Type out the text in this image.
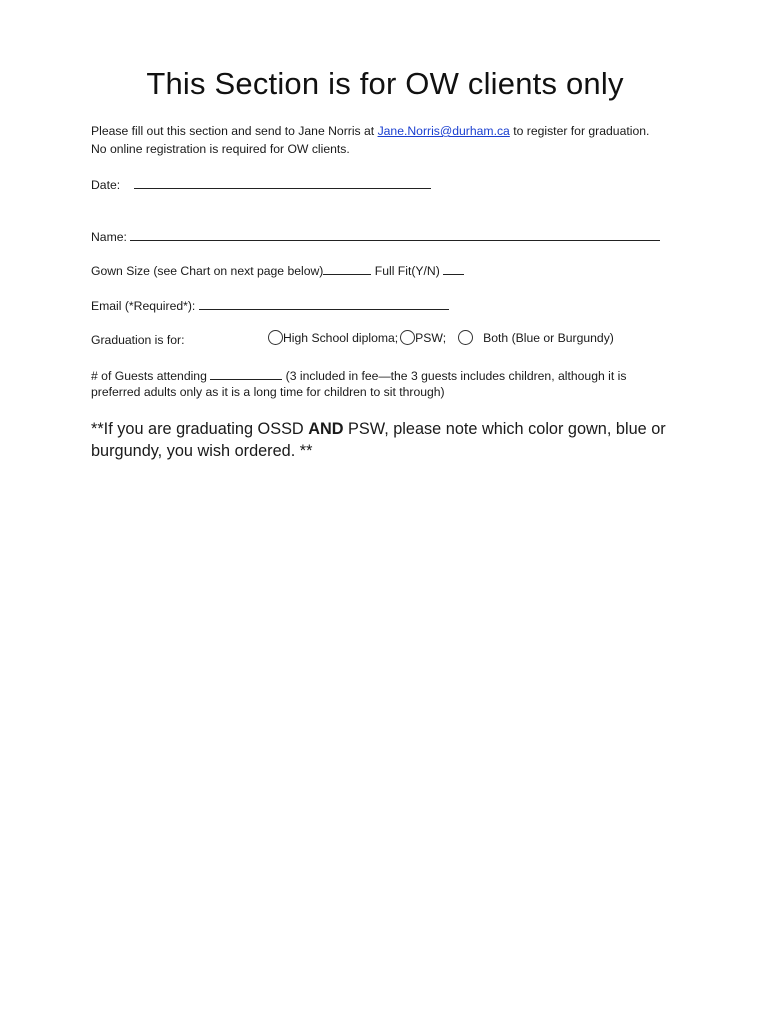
This Section is for OW clients only
Please fill out this section and send to Jane Norris at Jane.Norris@durham.ca to register for graduation.
No online registration is required for OW clients.
Date:
Name:
Gown Size (see Chart on next page below)	Full Fit(Y/N)
Email (*Required*):
Graduation is for:	High School diploma; PSW;	Both (Blue or Burgundy)
# of Guests attending	(3 included in fee—the 3 guests includes children, although it is
preferred adults only as it is a long time for children to sit through)
**If you are graduating OSSD AND PSW, please note which color gown, blue or
burgundy, you wish ordered. **
